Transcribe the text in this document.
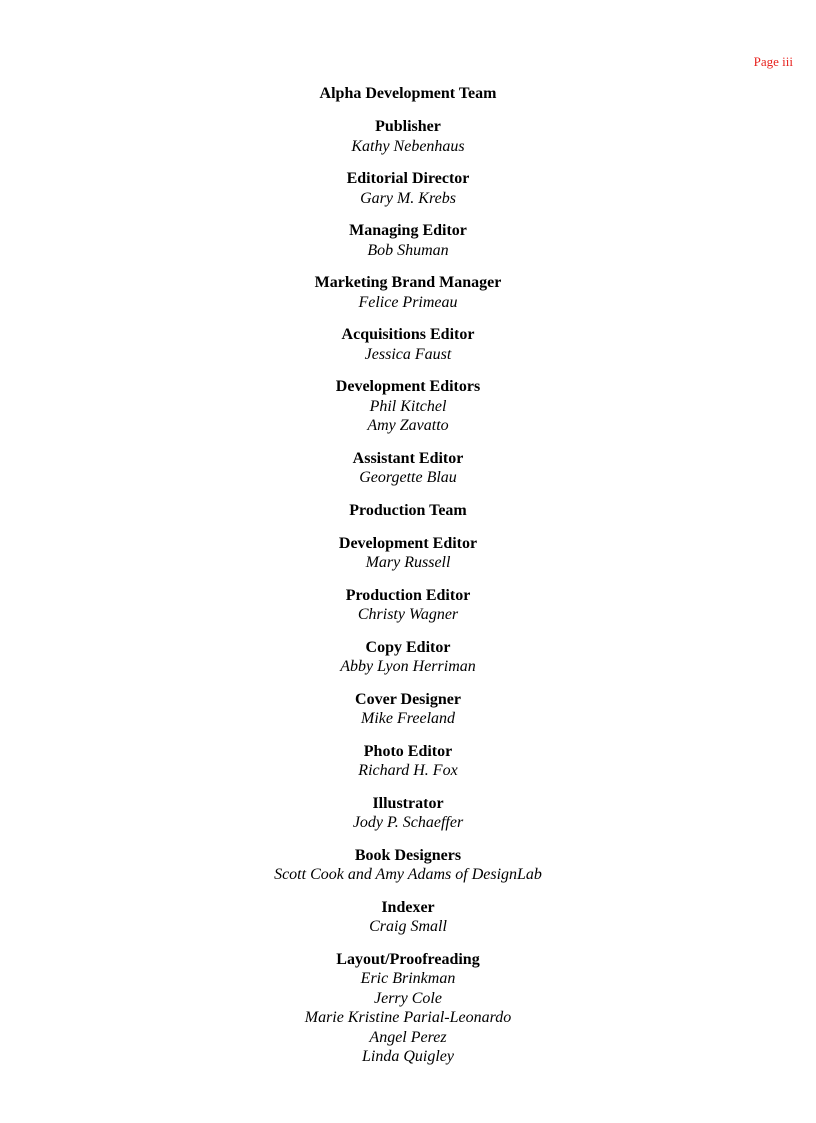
Page iii
Alpha Development Team
Publisher
Kathy Nebenhaus
Editorial Director
Gary M. Krebs
Managing Editor
Bob Shuman
Marketing Brand Manager
Felice Primeau
Acquisitions Editor
Jessica Faust
Development Editors
Phil Kitchel
Amy Zavatto
Assistant Editor
Georgette Blau
Production Team
Development Editor
Mary Russell
Production Editor
Christy Wagner
Copy Editor
Abby Lyon Herriman
Cover Designer
Mike Freeland
Photo Editor
Richard H. Fox
Illustrator
Jody P. Schaeffer
Book Designers
Scott Cook and Amy Adams of DesignLab
Indexer
Craig Small
Layout/Proofreading
Eric Brinkman
Jerry Cole
Marie Kristine Parial-Leonardo
Angel Perez
Linda Quigley
